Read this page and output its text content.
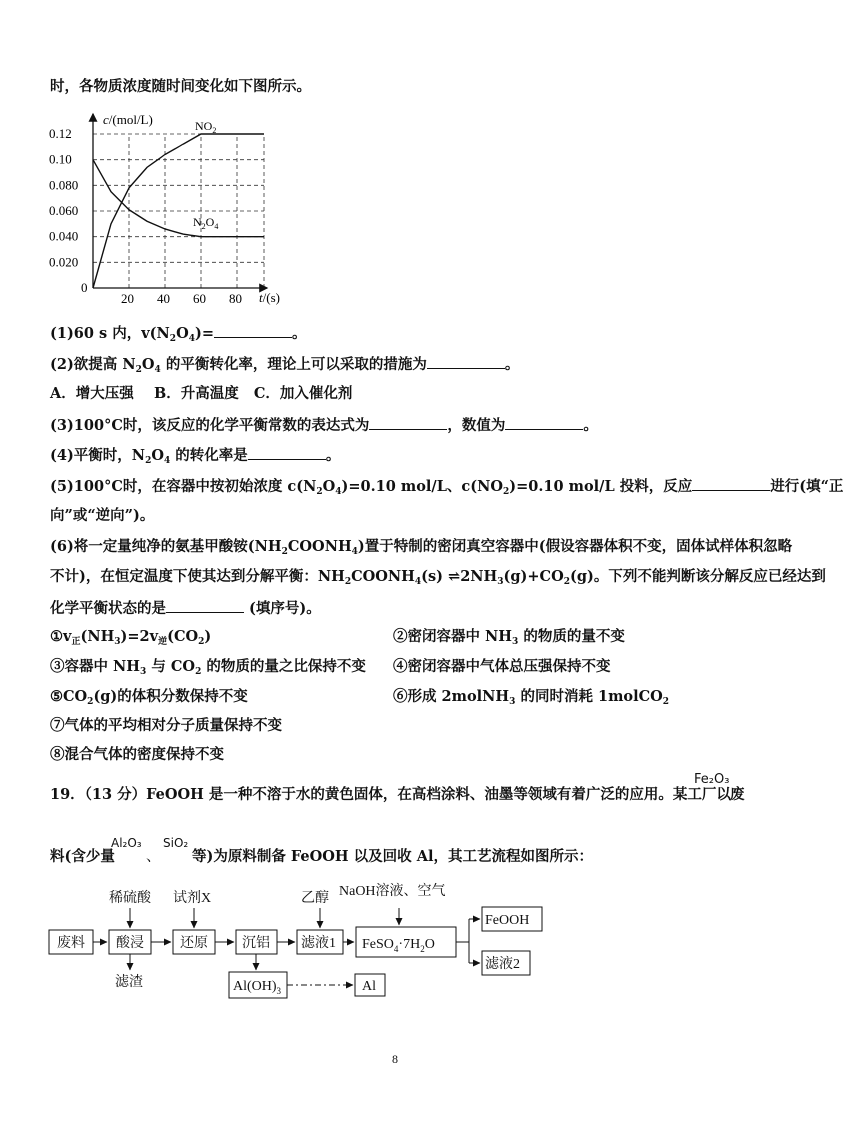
时，各物质浓度随时间变化如下图所示。
0.020
0.040
0.060
0.080
0.10
0.12
20 40 60 80
0
c/(mol/L)
t/(s)
$NO_2$
$N_2O_4$
(1)60 s 内，$v(N_2O_4)=$	。
(2)欲提高 $N_2O_4$ 的平衡转化率，理论上可以采取的措施为	。
A．增大压强 B．升高温度 C．加入催化剂
(3)100°C时，该反应的化学平衡常数的表达式为	，数值为	。
(4)平衡时，$N_2O_4$ 的转化率是	。
(5)100°C时，在容器中按初始浓度 $c(N_2O_4)=0.10$ mol/L、$c(NO_2)=0.10$ mol/L 投料，反应	进行(填“正
向”或“逆向”)。
(6)将一定量纯净的氨基甲酸铵$(NH_2COONH_4)$置于特制的密闭真空容器中(假设容器体积不变，固体试样体积忽略
不计)，在恒定温度下使其达到分解平衡：$NH_2COONH_4(s)$ $\rightleftharpoons 2NH_3(g)+CO_2(g)$。下列不能判断该分解反应已经达到
化学平衡状态的是	(填序号)。
$①v_正(NH_3)=2v_逆(CO_2)$	②密闭容器中 $NH_3$ 的物质的量不变
③容器中 $NH_3$ 与 $CO_2$ 的物质的量之比保持不变 ④密闭容器中气体总压强保持不变
$⑤CO_2(g)$的体积分数保持不变	⑥形成 2molNH$_3$ 的同时消耗 1molCO$_2$
⑦气体的平均相对分子质量保持不变
⑧混合气体的密度保持不变
19．（13 分）FeOOH 是一种不溶于水的黄色固体，在高档涂料、油墨等领域有着广泛的应用。某工厂以
Fe₂O₃
废
料(含少量
Al₂O₃
、
SiO₂
等)为原料制备 FeOOH 以及回收 Al，其工艺流程如图所示：
废料 酸浸	还原 沉铝 滤液1 $FeSO_4\cdot 7H_2O$
FeOOH
滤液2
稀硫酸 试剂X	乙醇 NaOH溶液、空气
滤渣	$Al(OH)_3$	Al
8
